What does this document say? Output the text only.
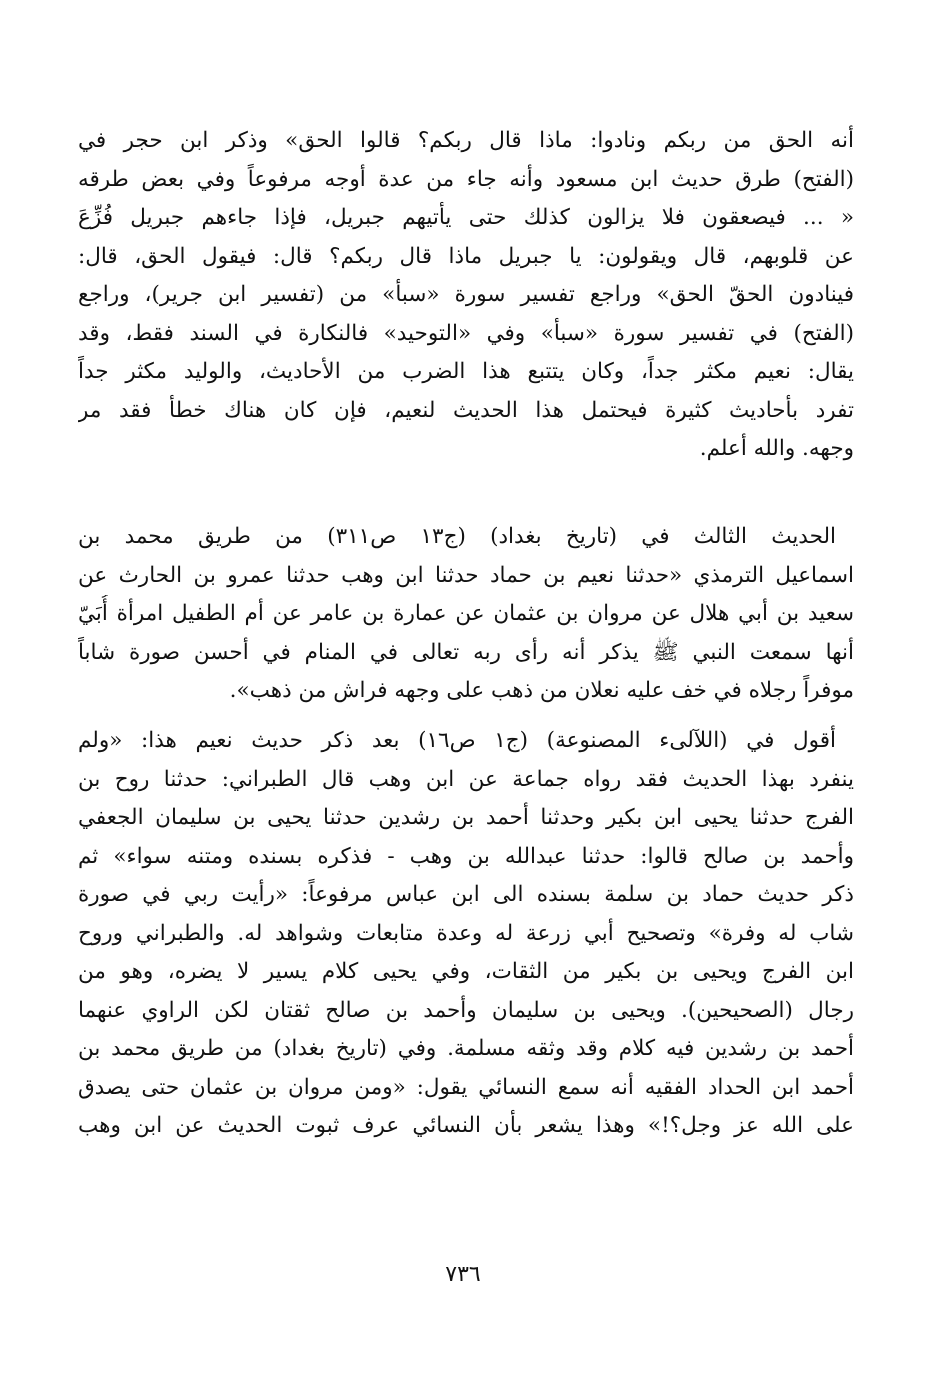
أنه الحق من ربكم ونادوا: ماذا قال ربكم؟ قالوا الحق» وذكر ابن حجر في
(الفتح) طرق حديث ابن مسعود وأنه جاء من عدة أوجه مرفوعاً وفي بعض طرقه
« ... فيصعقون فلا يزالون كذلك حتى يأتيهم جبريل، فإذا جاءهم جبريل فُزِّعَ
عن قلوبهم، قال ويقولون: يا جبريل ماذا قال ربكم؟ قال: فيقول الحق، قال:
فينادون الحقّ الحق» وراجع تفسير سورة «سبأ» من (تفسير ابن جرير)، وراجع
(الفتح) في تفسير سورة «سبأ» وفي «التوحيد» فالنكارة في السند فقط، وقد
يقال: نعيم مكثر جداً، وكان يتتبع هذا الضرب من الأحاديث، والوليد مكثر جداً
تفرد بأحاديث كثيرة فيحتمل هذا الحديث لنعيم، فإن كان هناك خطأ فقد مر
وجهه. والله أعلم.
الحديث الثالث في (تاريخ بغداد) (ج١٣ ص٣١١) من طريق محمد بن
اسماعيل الترمذي «حدثنا نعيم بن حماد حدثنا ابن وهب حدثنا عمرو بن الحارث عن
سعيد بن أبي هلال عن مروان بن عثمان عن عمارة بن عامر عن أم الطفيل امرأة أُبَيّ
أنها سمعت النبي ﷺ يذكر أنه رأى ربه تعالى في المنام في أحسن صورة شاباً
موفراً رجلاه في خف عليه نعلان من ذهب على وجهه فراش من ذهب».
أقول في (اللآلىء المصنوعة) (ج١ ص١٦) بعد ذكر حديث نعيم هذا: «ولم
ينفرد بهذا الحديث فقد رواه جماعة عن ابن وهب قال الطبراني: حدثنا روح بن
الفرج حدثنا يحيى ابن بكير وحدثنا أحمد بن رشدين حدثنا يحيى بن سليمان الجعفي
وأحمد بن صالح قالوا: حدثنا عبدالله بن وهب - فذكره بسنده ومتنه سواء» ثم
ذكر حديث حماد بن سلمة بسنده الى ابن عباس مرفوعاً: «رأيت ربي في صورة
شاب له وفرة» وتصحيح أبي زرعة له وعدة متابعات وشواهد له. والطبراني وروح
ابن الفرج ويحيى بن بكير من الثقات، وفي يحيى كلام يسير لا يضره، وهو من
رجال (الصحيحين). ويحيى بن سليمان وأحمد بن صالح ثقتان لكن الراوي عنهما
أحمد بن رشدين فيه كلام وقد وثقه مسلمة. وفي (تاريخ بغداد) من طريق محمد بن
أحمد ابن الحداد الفقيه أنه سمع النسائي يقول: «ومن مروان بن عثمان حتى يصدق
على الله عز وجل؟!» وهذا يشعر بأن النسائي عرف ثبوت الحديث عن ابن وهب
٧٣٦
